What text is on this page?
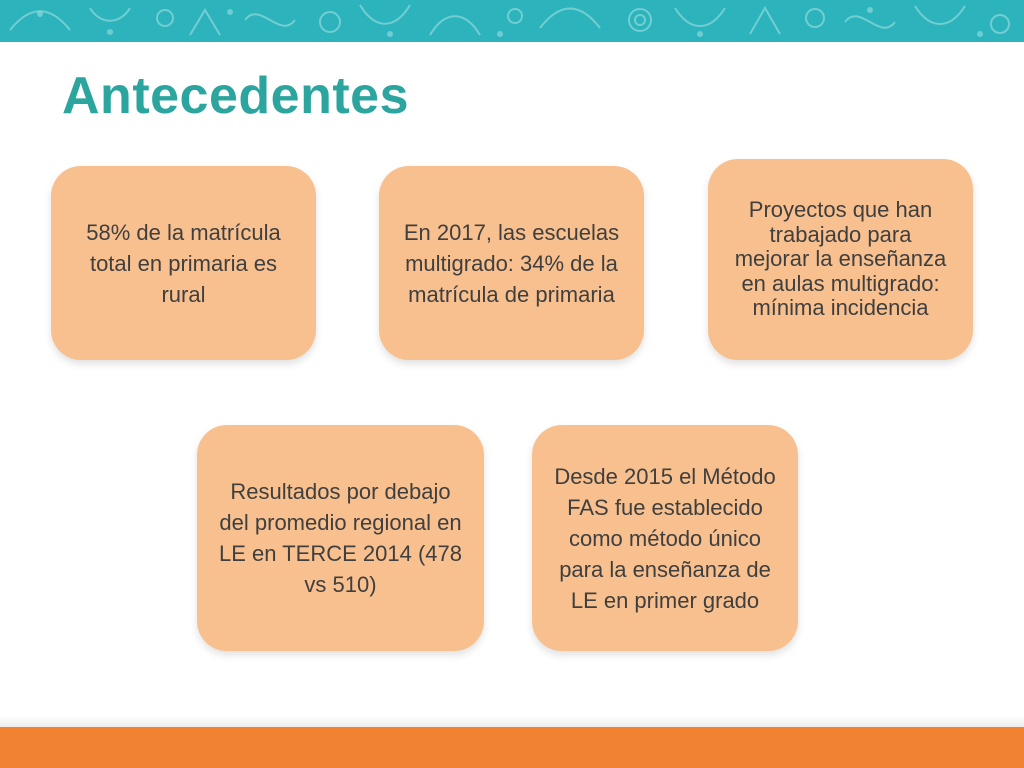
Antecedentes
58% de la matrícula total en primaria es rural
En 2017, las escuelas multigrado: 34% de la matrícula de primaria
Proyectos que han trabajado para mejorar la enseñanza en aulas multigrado: mínima incidencia
Resultados por debajo del promedio regional en LE en TERCE 2014 (478 vs 510)
Desde 2015 el Método FAS fue establecido como método único para la enseñanza de LE en primer grado
